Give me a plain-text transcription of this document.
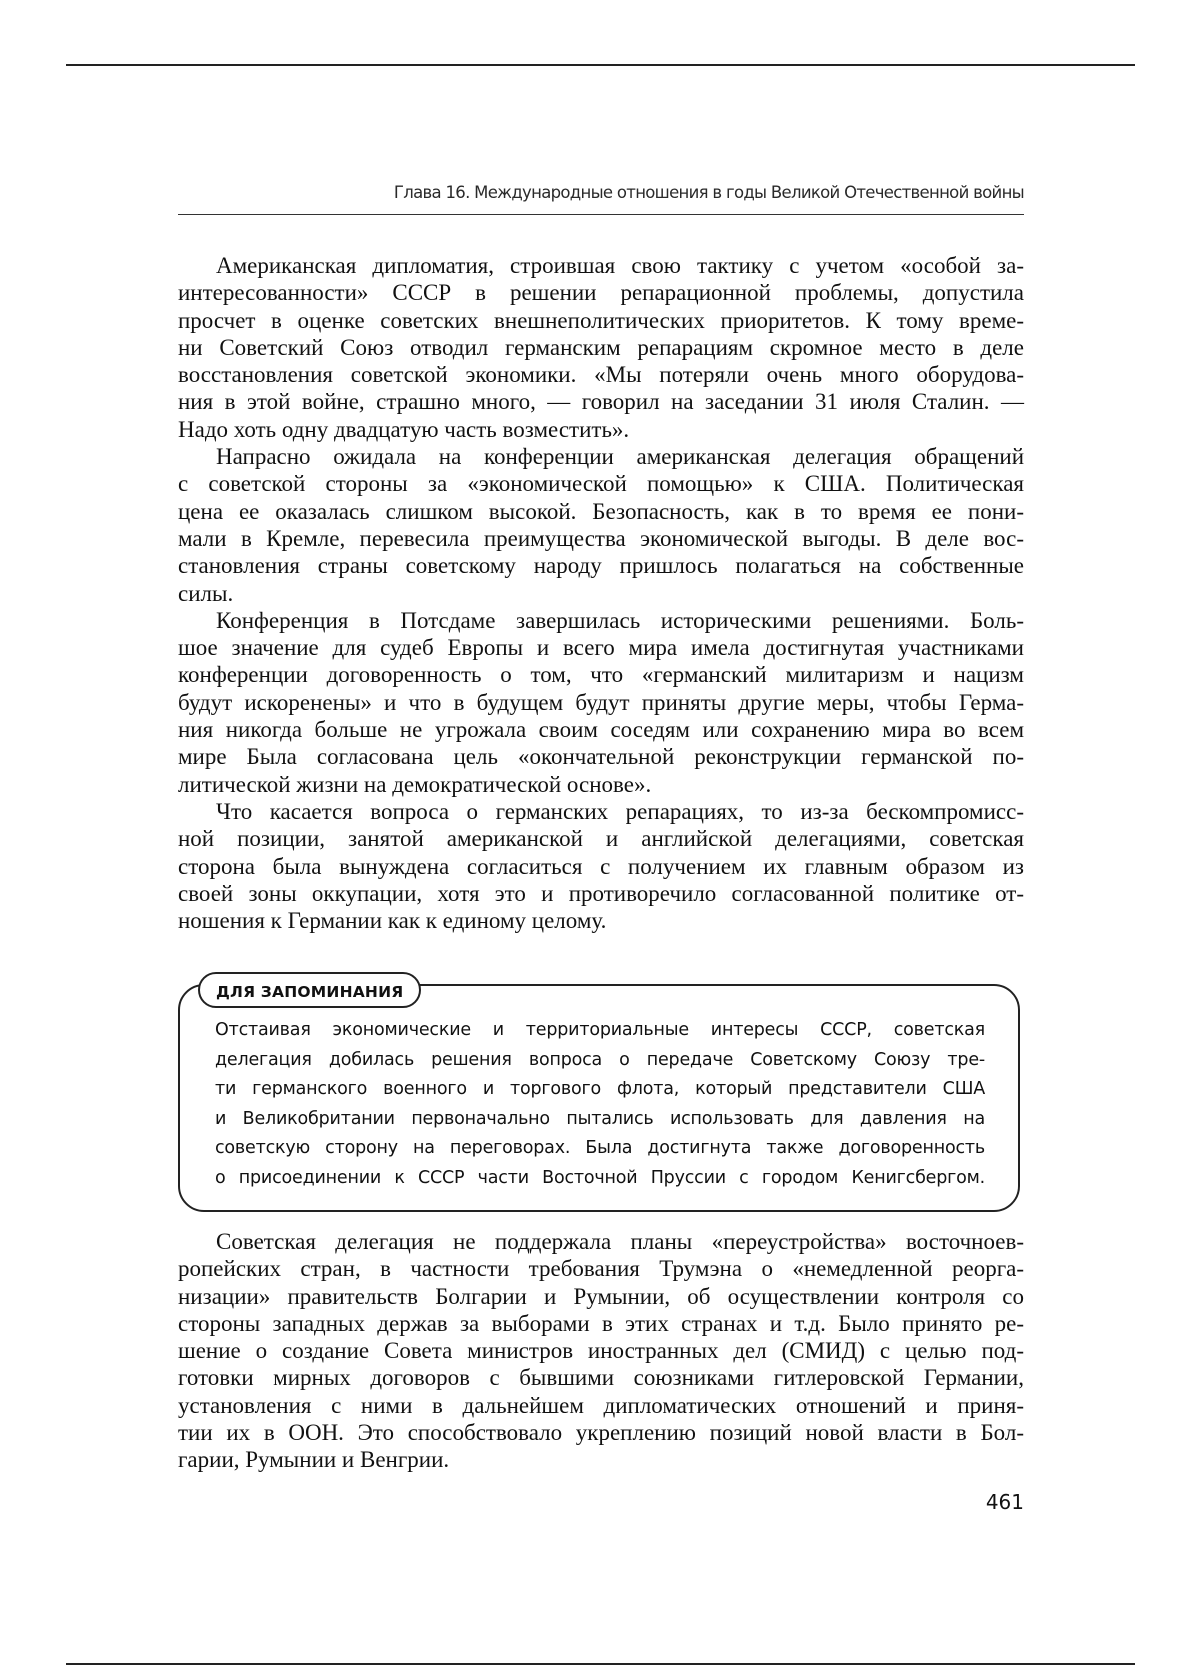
Глава 16. Международные отношения в годы Великой Отечественной войны
Американская дипломатия, строившая свою тактику с учетом «особой за-
интересованности» СССР в решении репарационной проблемы, допустила
просчет в оценке советских внешнеполитических приоритетов. К тому време-
ни Советский Союз отводил германским репарациям скромное место в деле
восстановления советской экономики. «Мы потеряли очень много оборудова-
ния в этой войне, страшно много, — говорил на заседании 31 июля Сталин. —
Надо хоть одну двадцатую часть возместить».
Напрасно ожидала на конференции американская делегация обращений
с советской стороны за «экономической помощью» к США. Политическая
цена ее оказалась слишком высокой. Безопасность, как в то время ее пони-
мали в Кремле, перевесила преимущества экономической выгоды. В деле вос-
становления страны советскому народу пришлось полагаться на собственные
силы.
Конференция в Потсдаме завершилась историческими решениями. Боль-
шое значение для судеб Европы и всего мира имела достигнутая участниками
конференции договоренность о том, что «германский милитаризм и нацизм
будут искоренены» и что в будущем будут приняты другие меры, чтобы Герма-
ния никогда больше не угрожала своим соседям или сохранению мира во всем
мире Была согласована цель «окончательной реконструкции германской по-
литической жизни на демократической основе».
Что касается вопроса о германских репарациях, то из-за бескомпромисс-
ной позиции, занятой американской и английской делегациями, советская
сторона была вынуждена согласиться с получением их главным образом из
своей зоны оккупации, хотя это и противоречило согласованной политике от-
ношения к Германии как к единому целому.
ДЛЯ ЗАПОМИНАНИЯ
Отстаивая экономические и территориальные интересы СССР, советская
делегация добилась решения вопроса о передаче Советскому Союзу тре-
ти германского военного и торгового флота, который представители США
и Великобритании первоначально пытались использовать для давления на
советскую сторону на переговорах. Была достигнута также договоренность
о присоединении к СССР части Восточной Пруссии с городом Кенигсбергом.
Советская делегация не поддержала планы «переустройства» восточноев-
ропейских стран, в частности требования Трумэна о «немедленной реорга-
низации» правительств Болгарии и Румынии, об осуществлении контроля со
стороны западных держав за выборами в этих странах и т.д. Было принято ре-
шение о создание Совета министров иностранных дел (СМИД) с целью под-
готовки мирных договоров с бывшими союзниками гитлеровской Германии,
установления с ними в дальнейшем дипломатических отношений и приня-
тии их в ООН. Это способствовало укреплению позиций новой власти в Бол-
гарии, Румынии и Венгрии.
461
